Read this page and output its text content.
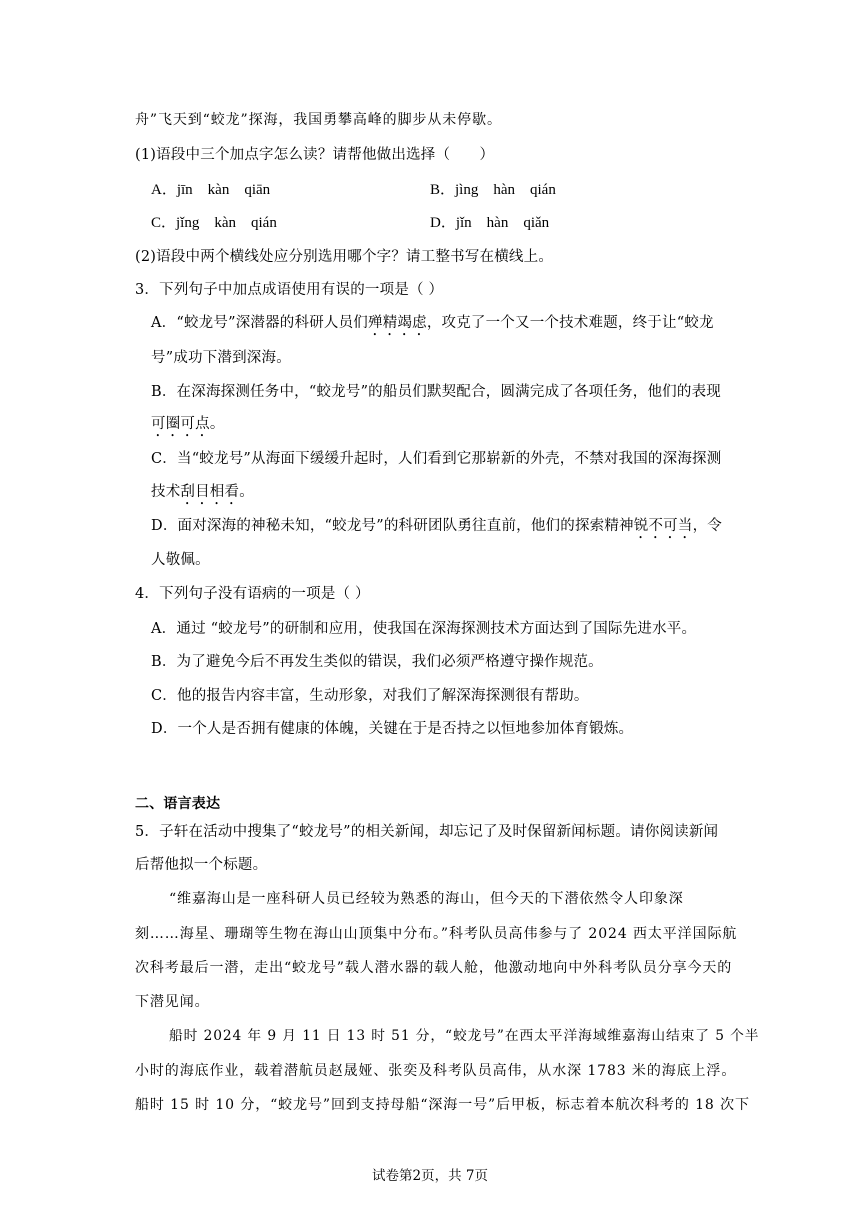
舟”飞天到“蛟龙”探海，我国勇攀高峰的脚步从未停歇。
(1)语段中三个加点字怎么读？请帮他做出选择（　　）
A．jīn　kàn　qiān	B．jìng　hàn　qián
C．jǐng　kàn　qián	D．jǐn　hàn　qiǎn
(2)语段中两个横线处应分别选用哪个字？请工整书写在横线上。
3．下列句子中加点成语使用有误的一项是（ ）
A．“蛟龙号”深潜器的科研人员们殚精竭虑，攻克了一个又一个技术难题，终于让“蛟龙
号”成功下潜到深海。
B．在深海探测任务中，“蛟龙号”的船员们默契配合，圆满完成了各项任务，他们的表现
可圈可点。
C．当“蛟龙号”从海面下缓缓升起时，人们看到它那崭新的外壳，不禁对我国的深海探测
技术刮目相看。
D．面对深海的神秘未知，“蛟龙号”的科研团队勇往直前，他们的探索精神锐不可当，令
人敬佩。
4．下列句子没有语病的一项是（ ）
A．通过 “蛟龙号”的研制和应用，使我国在深海探测技术方面达到了国际先进水平。
B．为了避免今后不再发生类似的错误，我们必须严格遵守操作规范。
C．他的报告内容丰富，生动形象，对我们了解深海探测很有帮助。
D．一个人是否拥有健康的体魄，关键在于是否持之以恒地参加体育锻炼。
二、语言表达
5．子轩在活动中搜集了“蛟龙号”的相关新闻，却忘记了及时保留新闻标题。请你阅读新闻
后帮他拟一个标题。
“维嘉海山是一座科研人员已经较为熟悉的海山，但今天的下潜依然令人印象深
刻……海星、珊瑚等生物在海山山顶集中分布。”科考队员高伟参与了 2024 西太平洋国际航
次科考最后一潜，走出“蛟龙号”载人潜水器的载人舱，他激动地向中外科考队员分享今天的
下潜见闻。
船时 2024 年 9 月 11 日 13 时 51 分，“蛟龙号”在西太平洋海域维嘉海山结束了 5 个半
小时的海底作业，载着潜航员赵晟娅、张奕及科考队员高伟，从水深 1783 米的海底上浮。
船时 15 时 10 分，“蛟龙号”回到支持母船“深海一号”后甲板，标志着本航次科考的 18 次下
试卷第2页，共 7页
